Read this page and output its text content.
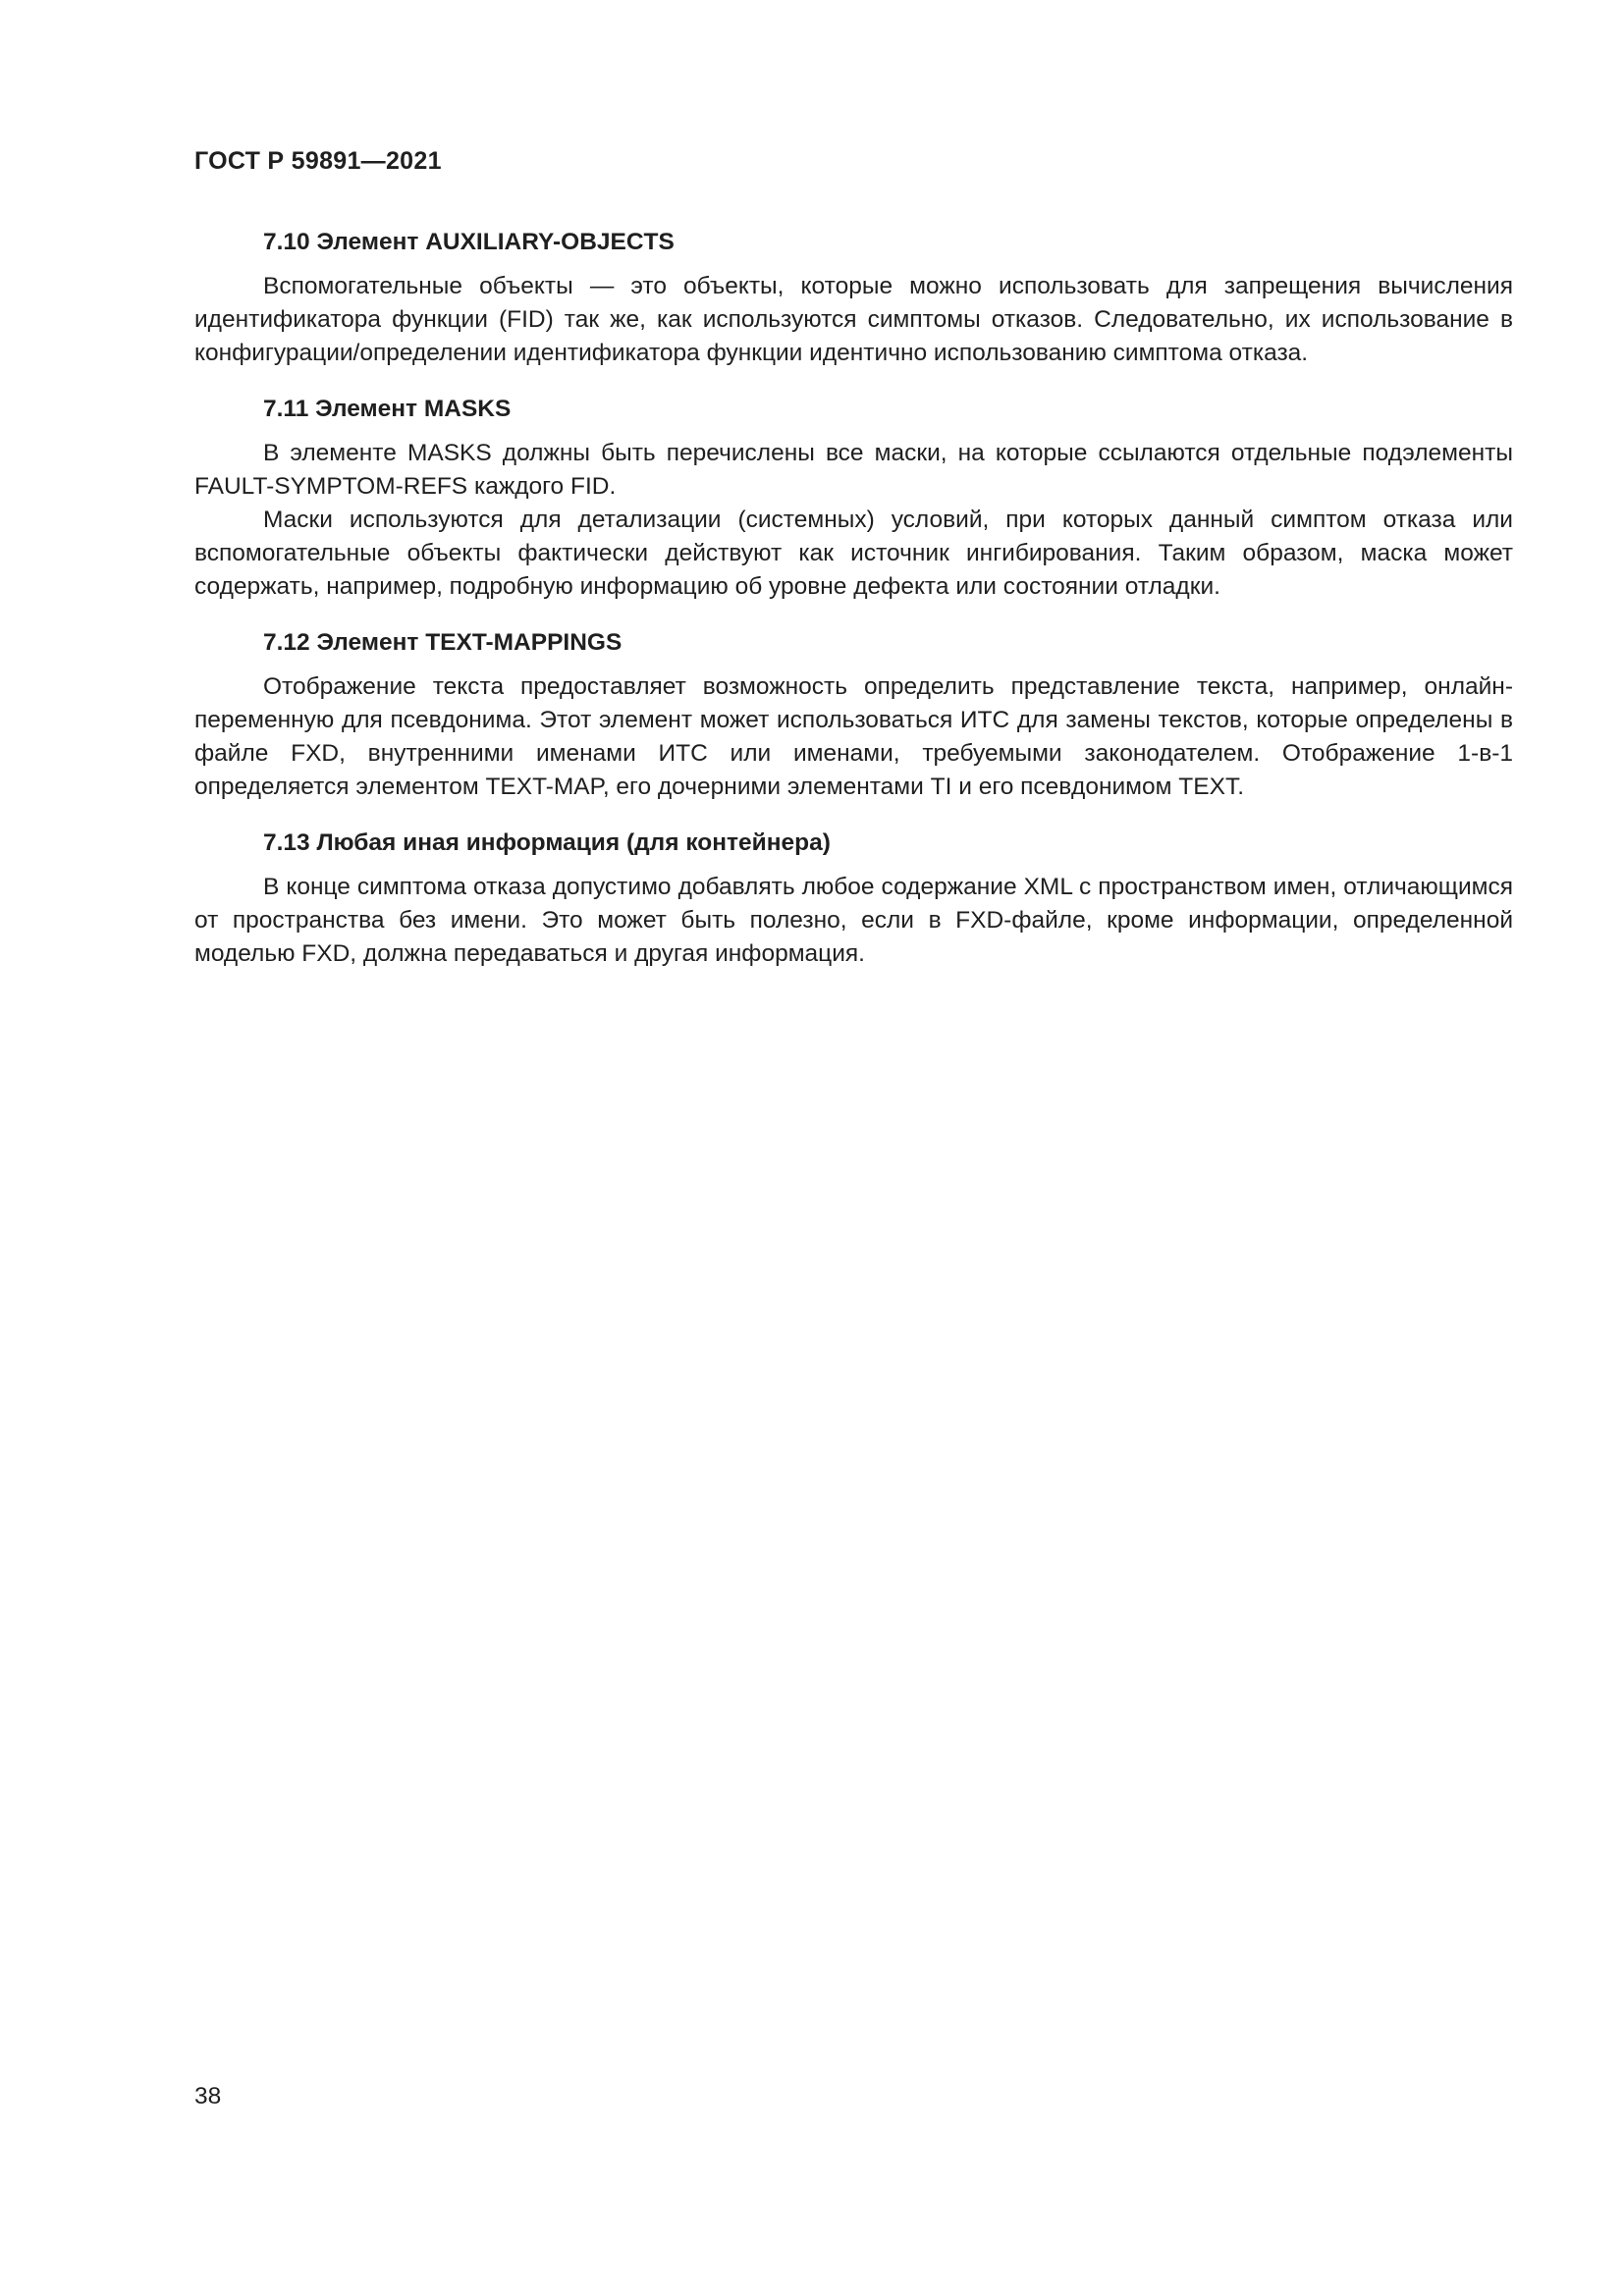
ГОСТ Р 59891—2021
7.10 Элемент AUXILIARY-OBJECTS

Вспомогательные объекты — это объекты, которые можно использовать для запрещения вычисления идентификатора функции (FID) так же, как используются симптомы отказов. Следовательно, их использование в конфигурации/определении идентификатора функции идентично использованию симптома отказа.

7.11 Элемент MASKS

В элементе MASKS должны быть перечислены все маски, на которые ссылаются отдельные подэлементы FAULT-SYMPTOM-REFS каждого FID.

Маски используются для детализации (системных) условий, при которых данный симптом отказа или вспомогательные объекты фактически действуют как источник ингибирования. Таким образом, маска может содержать, например, подробную информацию об уровне дефекта или состоянии отладки.

7.12 Элемент TEXT-MAPPINGS

Отображение текста предоставляет возможность определить представление текста, например, онлайн-переменную для псевдонима. Этот элемент может использоваться ИТС для замены текстов, которые определены в файле FXD, внутренними именами ИТС или именами, требуемыми законодателем. Отображение 1-в-1 определяется элементом TEXT-MAP, его дочерними элементами TI и его псевдонимом TEXT.

7.13 Любая иная информация (для контейнера)

В конце симптома отказа допустимо добавлять любое содержание XML с пространством имен, отличающимся от пространства без имени. Это может быть полезно, если в FXD-файле, кроме информации, определенной моделью FXD, должна передаваться и другая информация.

38
